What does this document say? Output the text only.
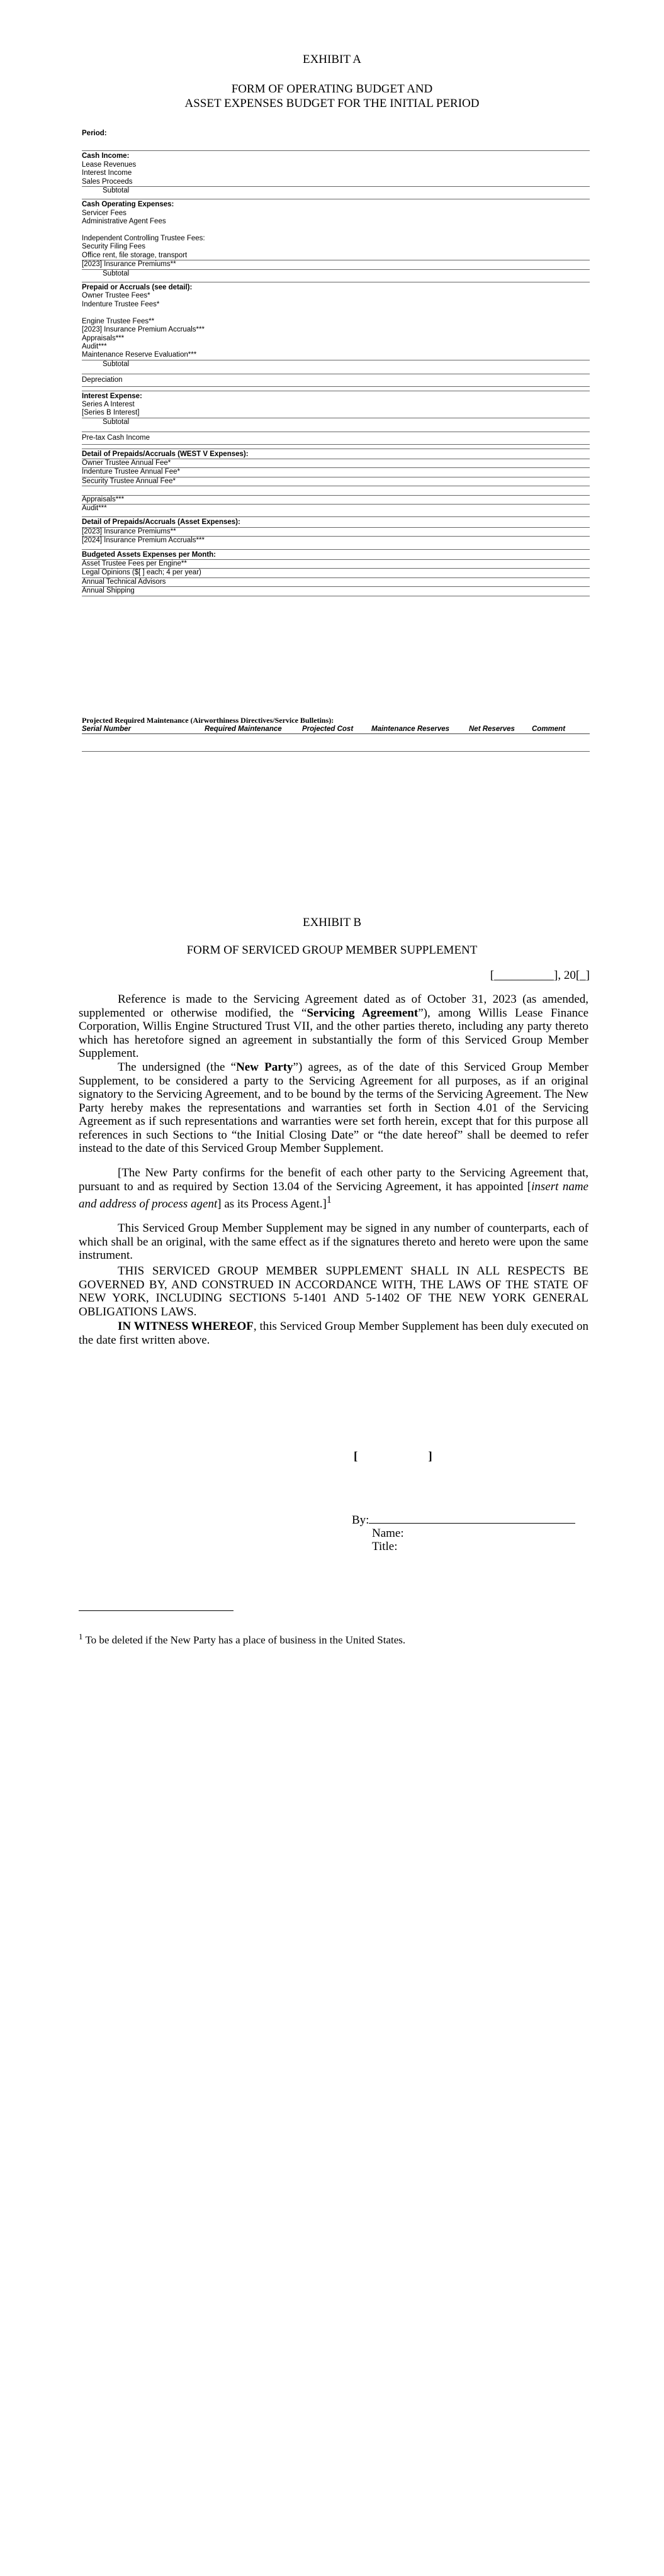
EXHIBIT A
FORM OF OPERATING BUDGET AND
ASSET EXPENSES BUDGET FOR THE INITIAL PERIOD
Period:
Cash Income:
Lease Revenues
Interest Income
Sales Proceeds
Subtotal
Cash Operating Expenses:
Servicer Fees
Administrative Agent Fees
Independent Controlling Trustee Fees:
Security Filing Fees
Office rent, file storage, transport
[2023] Insurance Premiums**
Subtotal
Prepaid or Accruals (see detail):
Owner Trustee Fees*
Indenture Trustee Fees*
Engine Trustee Fees**
[2023] Insurance Premium Accruals***
Appraisals***
Audit***
Maintenance Reserve Evaluation***
Subtotal
Depreciation
Interest Expense:
Series A Interest
[Series B Interest]
Subtotal
Pre-tax Cash Income
Detail of Prepaids/Accruals (WEST V Expenses):
Owner Trustee Annual Fee*
Indenture Trustee Annual Fee*
Security Trustee Annual Fee*
Appraisals***
Audit***
Detail of Prepaids/Accruals (Asset Expenses):
[2023] Insurance Premiums**
[2024] Insurance Premium Accruals***
Budgeted Assets Expenses per Month:
Asset Trustee Fees per Engine**
Legal Opinions ($[ ] each; 4 per year)
Annual Technical Advisors
Annual Shipping
Projected Required Maintenance (Airworthiness Directives/Service Bulletins):
Serial Number	Required Maintenance	Projected Cost	Maintenance Reserves	Net Reserves	Comment
EXHIBIT B
FORM OF SERVICED GROUP MEMBER SUPPLEMENT
[__________], 20[_]
Reference is made to the Servicing Agreement dated as of October 31, 2023 (as amended, supplemented or otherwise modified, the “Servicing Agreement”), among Willis Lease Finance Corporation, Willis Engine Structured Trust VII, and the other parties thereto, including any party thereto which has heretofore signed an agreement in substantially the form of this Serviced Group Member Supplement.
The undersigned (the “New Party”) agrees, as of the date of this Serviced Group Member Supplement, to be considered a party to the Servicing Agreement for all purposes, as if an original signatory to the Servicing Agreement, and to be bound by the terms of the Servicing Agreement. The New Party hereby makes the representations and warranties set forth in Section 4.01 of the Servicing Agreement as if such representations and warranties were set forth herein, except that for this purpose all references in such Sections to “the Initial Closing Date” or “the date hereof” shall be deemed to refer instead to the date of this Serviced Group Member Supplement.
[The New Party confirms for the benefit of each other party to the Servicing Agreement that, pursuant to and as required by Section 13.04 of the Servicing Agreement, it has appointed [insert name and address of process agent] as its Process Agent.]$^1$
This Serviced Group Member Supplement may be signed in any number of counterparts, each of which shall be an original, with the same effect as if the signatures thereto and hereto were upon the same instrument.
THIS SERVICED GROUP MEMBER SUPPLEMENT SHALL IN ALL RESPECTS BE GOVERNED BY, AND CONSTRUED IN ACCORDANCE WITH, THE LAWS OF THE STATE OF NEW YORK, INCLUDING SECTIONS 5-1401 AND 5-1402 OF THE NEW YORK GENERAL OBLIGATIONS LAWS.
IN WITNESS WHEREOF, this Serviced Group Member Supplement has been duly executed on the date first written above.
[	]
By:
Name:
Title:
$^1$ To be deleted if the New Party has a place of business in the United States.
